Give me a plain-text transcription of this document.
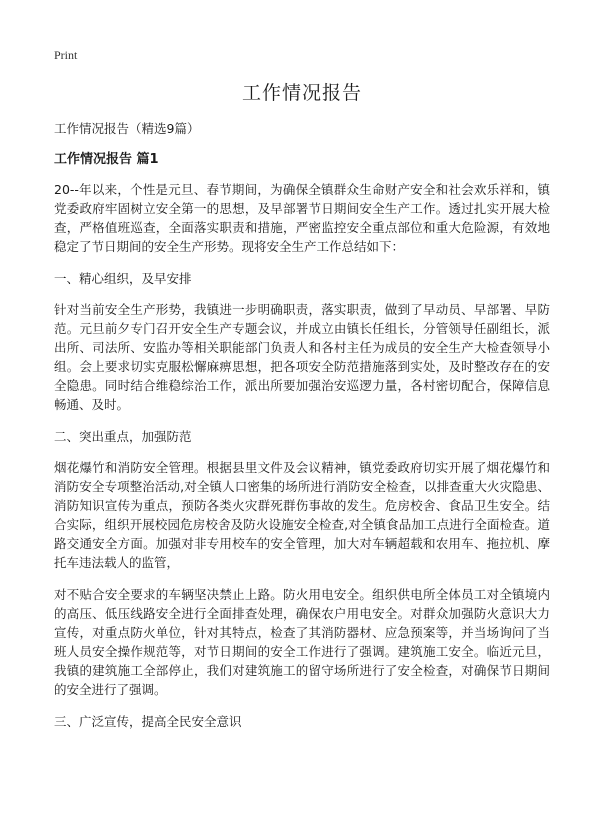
Print
工作情况报告

工作情况报告（精选9篇）

工作情况报告 篇1

20--年以来，个性是元旦、春节期间，为确保全镇群众生命财产安全和社会欢乐祥和，镇党委政府牢固树立安全第一的思想，及早部署节日期间安全生产工作。透过扎实开展大检查，严格值班巡查，全面落实职责和措施，严密监控安全重点部位和重大危险源，有效地稳定了节日期间的安全生产形势。现将安全生产工作总结如下：

一、精心组织，及早安排

针对当前安全生产形势，我镇进一步明确职责，落实职责，做到了早动员、早部署、早防范。元旦前夕专门召开安全生产专题会议，并成立由镇长任组长，分管领导任副组长，派出所、司法所、安监办等相关职能部门负责人和各村主任为成员的安全生产大检查领导小组。会上要求切实克服松懈麻痹思想，把各项安全防范措施落到实处，及时整改存在的安全隐患。同时结合维稳综治工作，派出所要加强治安巡逻力量，各村密切配合，保障信息畅通、及时。

二、突出重点，加强防范

烟花爆竹和消防安全管理。根据县里文件及会议精神，镇党委政府切实开展了烟花爆竹和消防安全专项整治活动,对全镇人口密集的场所进行消防安全检查，以排查重大火灾隐患、消防知识宣传为重点，预防各类火灾群死群伤事故的发生。危房校舍、食品卫生安全。结合实际，组织开展校园危房校舍及防火设施安全检查,对全镇食品加工点进行全面检查。道路交通安全方面。加强对非专用校车的安全管理，加大对车辆超载和农用车、拖拉机、摩托车违法载人的监管，

对不贴合安全要求的车辆坚决禁止上路。防火用电安全。组织供电所全体员工对全镇境内的高压、低压线路安全进行全面排查处理，确保农户用电安全。对群众加强防火意识大力宣传，对重点防火单位，针对其特点，检查了其消防器材、应急预案等，并当场询问了当班人员安全操作规范等，对节日期间的安全工作进行了强调。建筑施工安全。临近元旦，我镇的建筑施工全部停止，我们对建筑施工的留守场所进行了安全检查，对确保节日期间的安全进行了强调。

三、广泛宣传，提高全民安全意识
